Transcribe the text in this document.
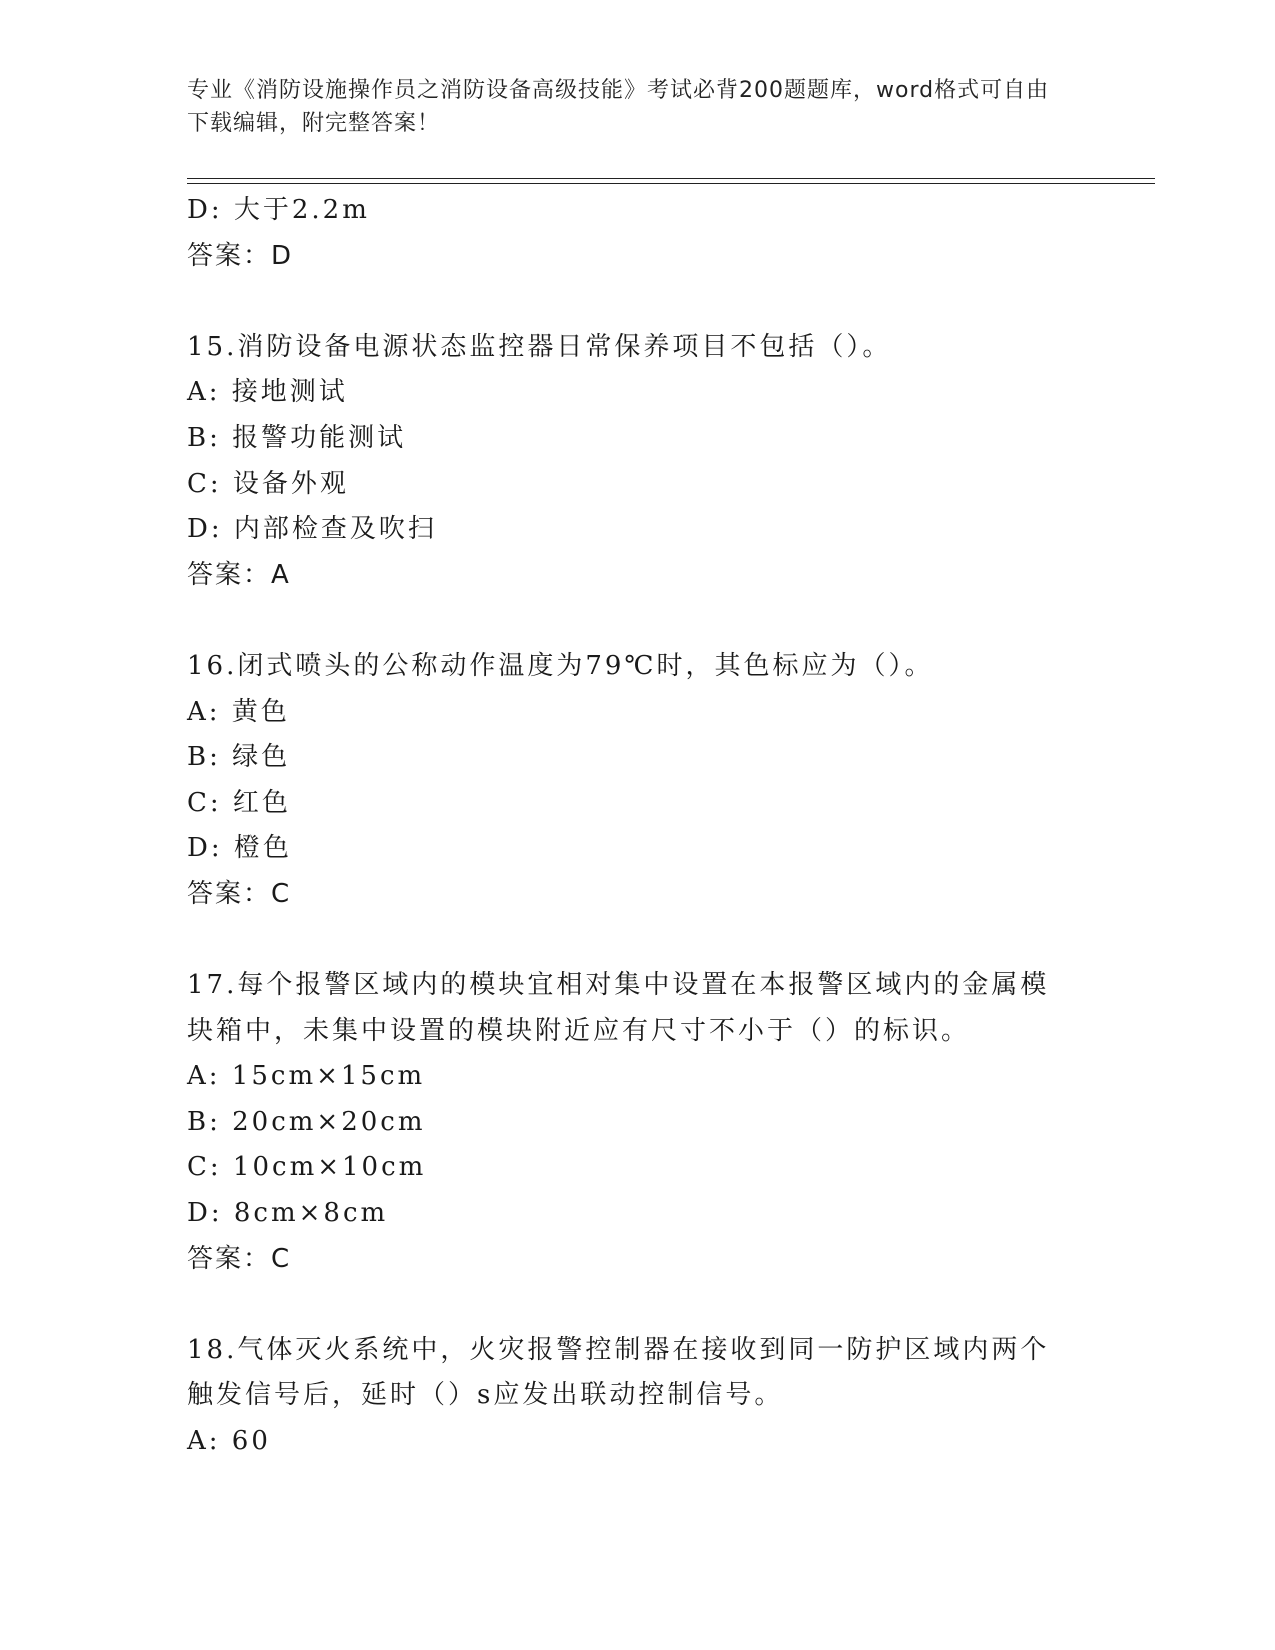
专业《消防设施操作员之消防设备高级技能》考试必背200题题库，word格式可自由下载编辑，附完整答案！
D: 大于2.2m
答案：D
15.消防设备电源状态监控器日常保养项目不包括（）。
A: 接地测试
B: 报警功能测试
C: 设备外观
D: 内部检查及吹扫
答案：A
16.闭式喷头的公称动作温度为79℃时，其色标应为（）。
A: 黄色
B: 绿色
C: 红色
D: 橙色
答案：C
17.每个报警区域内的模块宜相对集中设置在本报警区域内的金属模块箱中，未集中设置的模块附近应有尺寸不小于（）的标识。
A: 15cm×15cm
B: 20cm×20cm
C: 10cm×10cm
D: 8cm×8cm
答案：C
18.气体灭火系统中，火灾报警控制器在接收到同一防护区域内两个触发信号后，延时（）s应发出联动控制信号。
A: 60
